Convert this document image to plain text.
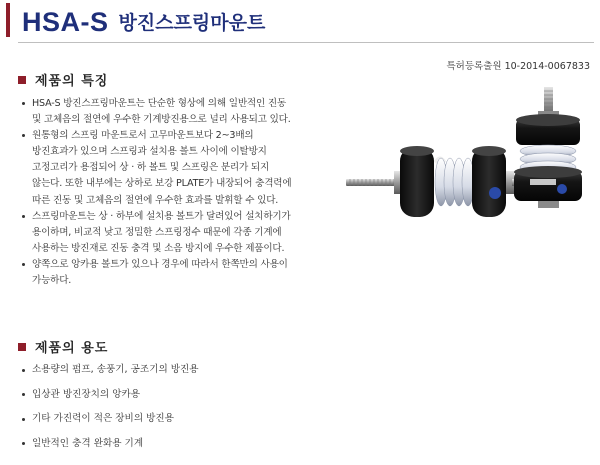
HSA-S 방진스프링마운트
특허등록출원 10-2014-0067833
제품의 특징
HSA-S 방진스프링마운트는 단순한 형상에 의해 일반적인 진동
및 고체음의 절연에 우수한 기계방진용으로 널리 사용되고 있다.
원통형의 스프링 마운트로서 고무마운트보다 2~3배의
방진효과가 있으며 스프링과 설치용 볼트 사이에 이탈방지
고정고리가 용접되어 상 · 하 볼트 및 스프링은 분리가 되지
않는다. 또한 내부에는 상하로 보강 PLATE가 내장되어 충격력에
따른 진동 및 고체음의 절연에 우수한 효과를 발휘할 수 있다.
스프링마운트는 상 · 하부에 설치용 볼트가 달려있어 설치하기가
용이하며, 비교적 낮고 정밀한 스프링정수 때문에 각종 기계에
사용하는 방진재로 진동 충격 및 소음 방지에 우수한 제품이다.
양쪽으로 앙카용 볼트가 있으나 경우에 따라서 한쪽만의 사용이
가능하다.
제품의 용도
소용량의 펌프, 송풍기, 공조기의 방진용
입상관 방진장치의 앙카용
기타 가진력이 적은 장비의 방진용
일반적인 충격 완화용 기계
